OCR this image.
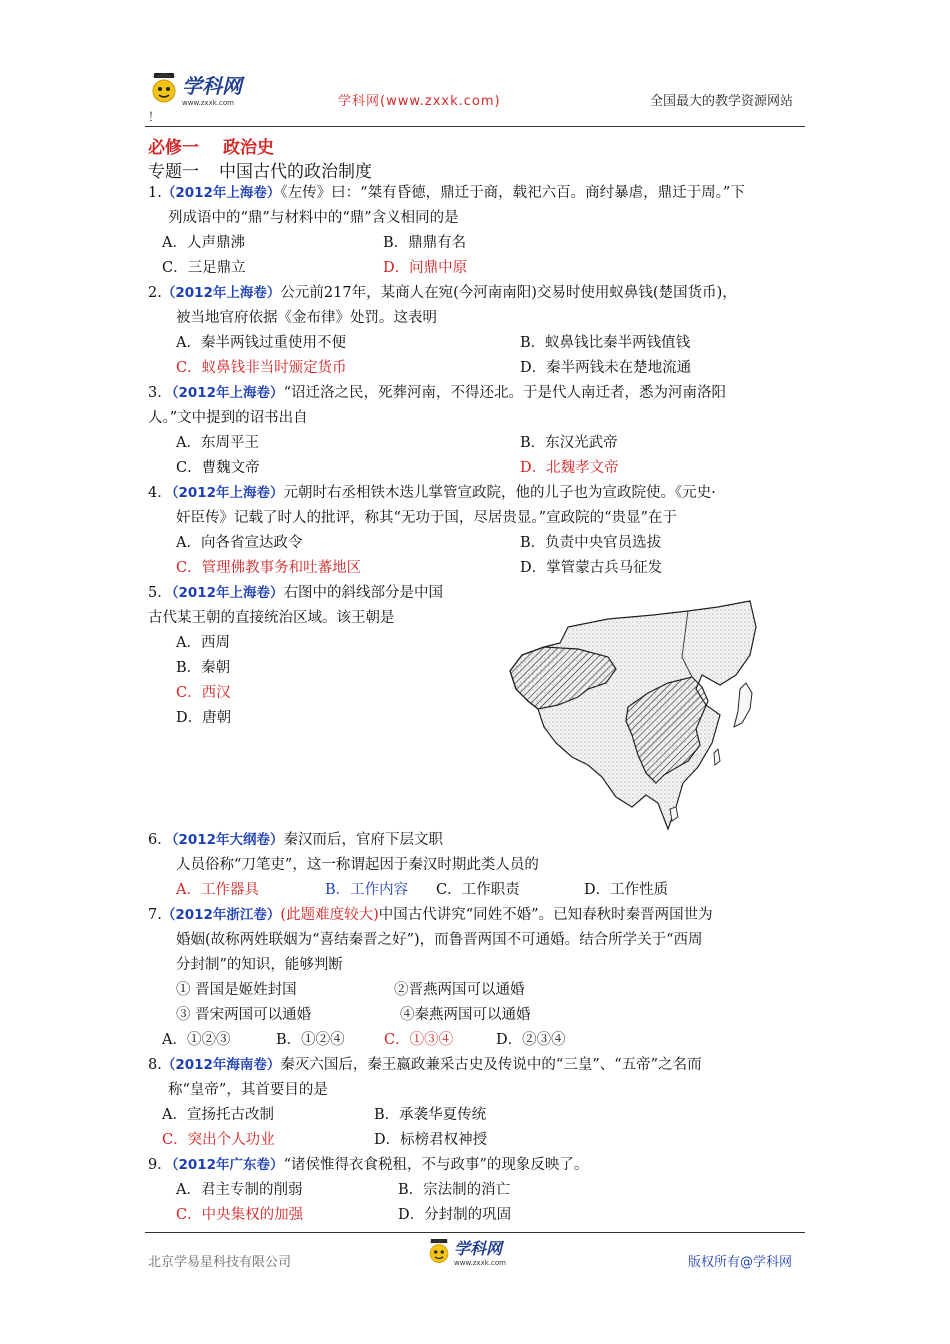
学科网
www.zxxk.com	学科网(www.zxxk.com)	全国最大的教学资源网站
！
必修一 政治史
专题一 中国古代的政治制度
1.（2012年上海卷）《左传》曰：“桀有昏德，鼎迁于商，载祀六百。商纣暴虐，鼎迁于周。”下
列成语中的“鼎”与材料中的“鼎”含义相同的是
A．人声鼎沸	B．鼎鼎有名
C．三足鼎立	D．问鼎中原
2.（2012年上海卷）公元前217年，某商人在宛(今河南南阳)交易时使用蚁鼻钱(楚国货币)，
被当地官府依据《金布律》处罚。这表明
A．秦半两钱过重使用不便	B．蚁鼻钱比秦半两钱值钱
C．蚁鼻钱非当时颁定货币	D．秦半两钱未在楚地流通
3．（2012年上海卷）“诏迁洛之民，死葬河南，不得还北。于是代人南迁者，悉为河南洛阳
人。”文中提到的诏书出自
A．东周平王	B．东汉光武帝
C．曹魏文帝	D．北魏孝文帝
4．（2012年上海卷）元朝时右丞相铁木迭儿掌管宣政院，他的儿子也为宣政院使。《元史·
奸臣传》记载了时人的批评，称其“无功于国，尽居贵显。”宣政院的“贵显”在于
A．向各省宣达政令	B．负责中央官员选拔
C．管理佛教事务和吐蕃地区	D．掌管蒙古兵马征发
5．（2012年上海卷）右图中的斜线部分是中国
古代某王朝的直接统治区域。该王朝是
A．西周
B．秦朝
C．西汉
D．唐朝
6．（2012年大纲卷）秦汉而后，官府下层文职
人员俗称“刀笔吏”，这一称谓起因于秦汉时期此类人员的
A．工作器具	B．工作内容 C．工作职责	D．工作性质
7.（2012年浙江卷）(此题难度较大)中国古代讲究“同姓不婚”。已知春秋时秦晋两国世为
婚姻(故称两姓联姻为“喜结秦晋之好”)，而鲁晋两国不可通婚。结合所学关于“西周
分封制”的知识，能够判断
① 晋国是姬姓封国	②晋燕两国可以通婚
③ 晋宋两国可以通婚	④秦燕两国可以通婚
A．①②③	B．①②④	C．①③④	D．②③④
8.（2012年海南卷）秦灭六国后，秦王嬴政兼采古史及传说中的“三皇”、“五帝”之名而
称“皇帝”，其首要目的是
A．宣扬托古改制	B．承袭华夏传统
C．突出个人功业	D．标榜君权神授
9．（2012年广东卷）“诸侯惟得衣食税租，不与政事”的现象反映了。
A．君主专制的削弱	B．宗法制的消亡
C．中央集权的加强	D．分封制的巩固
北京学易星科技有限公司
学科网
www.zxxk.com	版权所有@学科网
